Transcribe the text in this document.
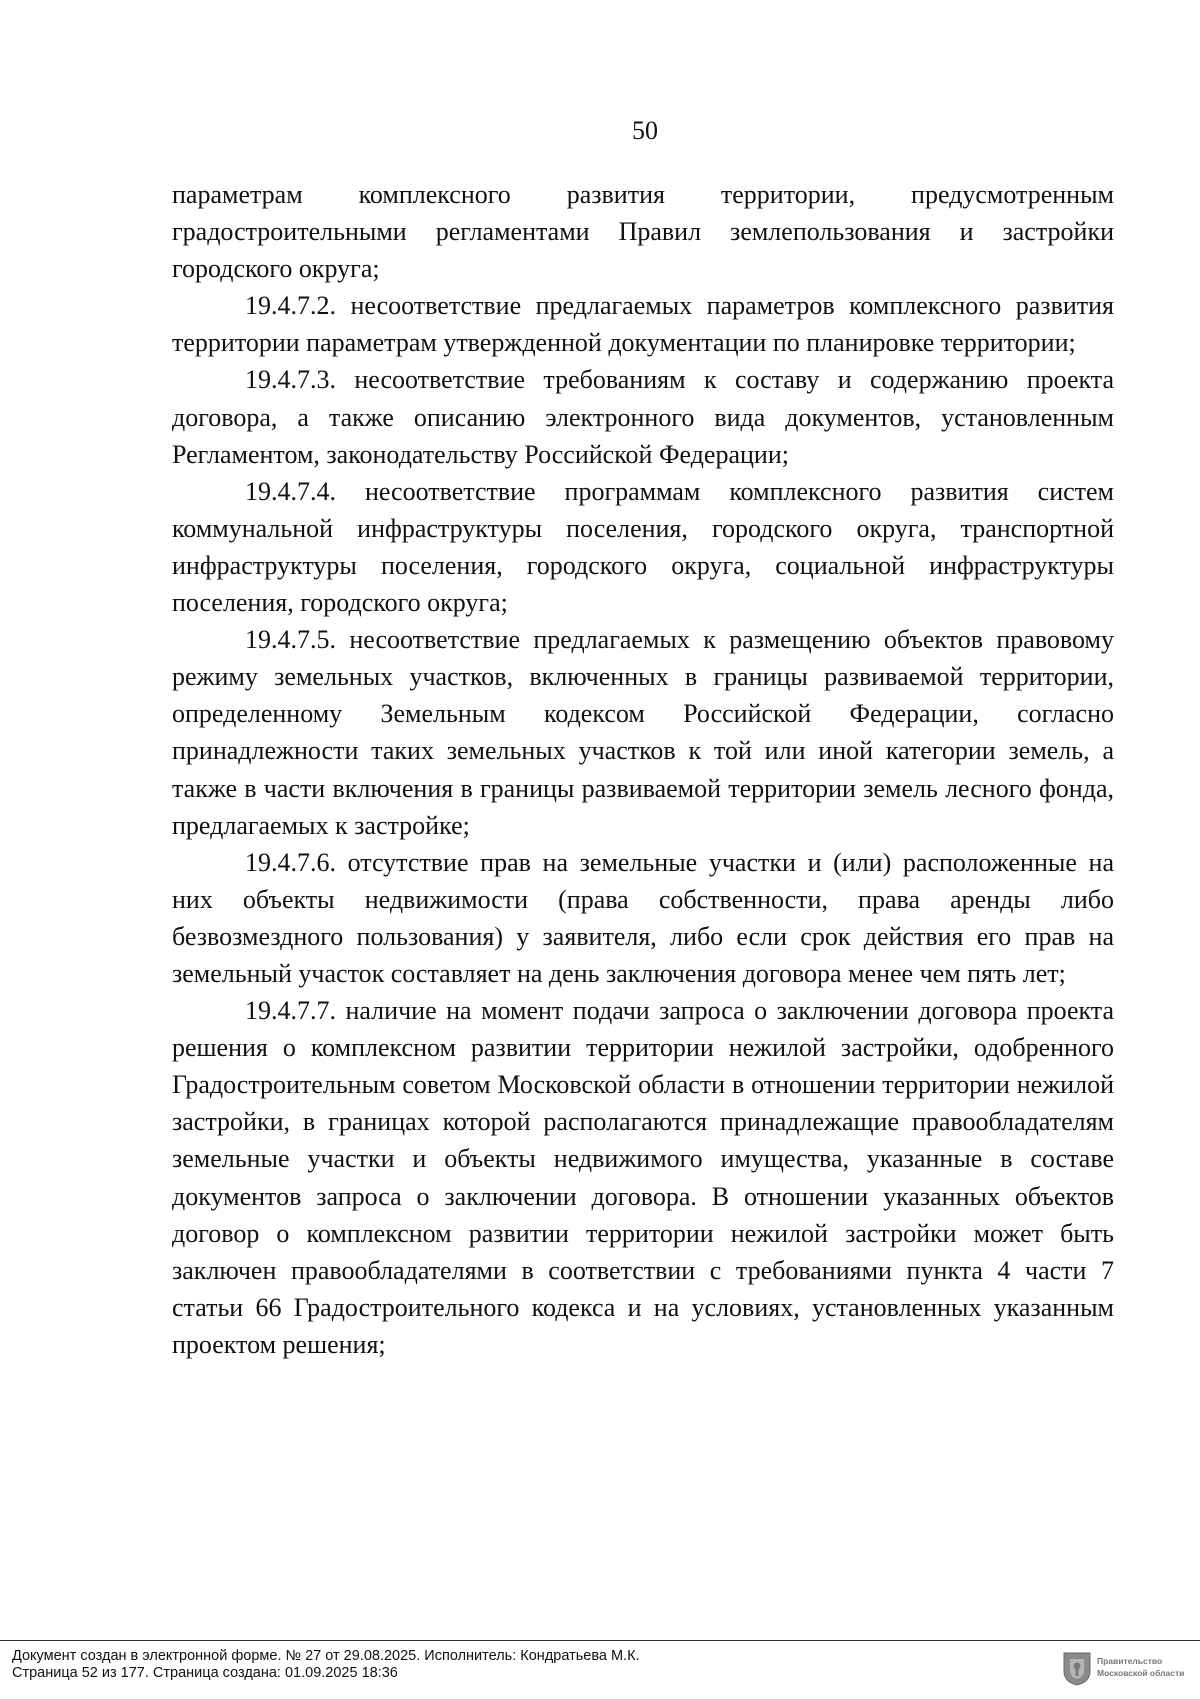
50

параметрам комплексного развития территории, предусмотренным градостроительными регламентами Правил землепользования и застройки городского округа;

19.4.7.2. несоответствие предлагаемых параметров комплексного развития территории параметрам утвержденной документации по планировке территории;

19.4.7.3. несоответствие требованиям к составу и содержанию проекта договора, а также описанию электронного вида документов, установленным Регламентом, законодательству Российской Федерации;

19.4.7.4. несоответствие программам комплексного развития систем коммунальной инфраструктуры поселения, городского округа, транспортной инфраструктуры поселения, городского округа, социальной инфраструктуры поселения, городского округа;

19.4.7.5. несоответствие предлагаемых к размещению объектов правовому режиму земельных участков, включенных в границы развиваемой территории, определенному Земельным кодексом Российской Федерации, согласно принадлежности таких земельных участков к той или иной категории земель, а также в части включения в границы развиваемой территории земель лесного фонда, предлагаемых к застройке;

19.4.7.6. отсутствие прав на земельные участки и (или) расположенные на них объекты недвижимости (права собственности, права аренды либо безвозмездного пользования) у заявителя, либо если срок действия его прав на земельный участок составляет на день заключения договора менее чем пять лет;

19.4.7.7. наличие на момент подачи запроса о заключении договора проекта решения о комплексном развитии территории нежилой застройки, одобренного Градостроительным советом Московской области в отношении территории нежилой застройки, в границах которой располагаются принадлежащие правообладателям земельные участки и объекты недвижимого имущества, указанные в составе документов запроса о заключении договора. В отношении указанных объектов договор о комплексном развитии территории нежилой застройки может быть заключен правообладателями в соответствии с требованиями пункта 4 части 7 статьи 66 Градостроительного кодекса и на условиях, установленных указанным проектом решения;

Документ создан в электронной форме. № 27 от 29.08.2025. Исполнитель: Кондратьева М.К.
Страница 52 из 177. Страница создана: 01.09.2025 18:36
Правительство
Московской области
